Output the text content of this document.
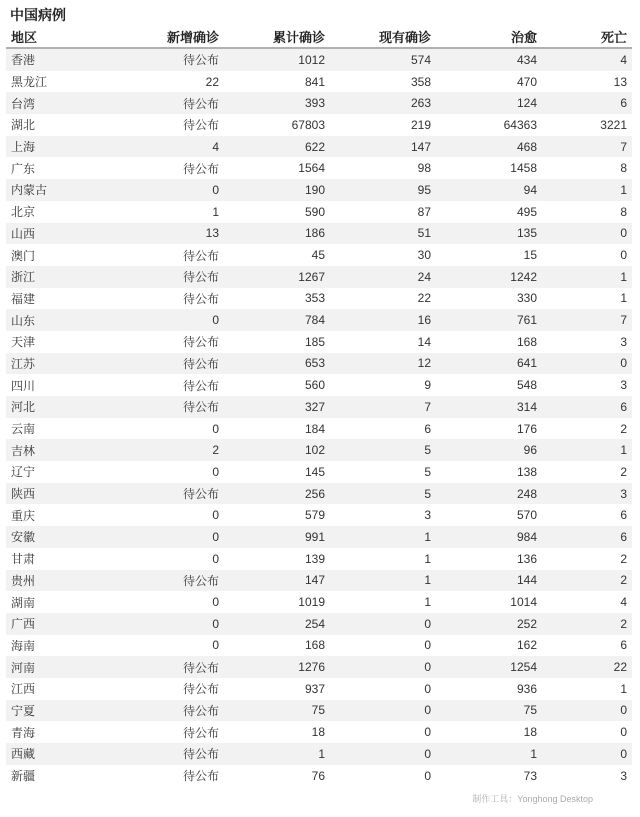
中国病例
地区	新增确诊	累计确诊	现有确诊	治愈	死亡
香港	待公布	1012	574	434	4
黑龙江	22	841	358	470	13
台湾	待公布	393	263	124	6
湖北	待公布	67803	219	64363	3221
上海	4	622	147	468	7
广东	待公布	1564	98	1458	8
内蒙古	0	190	95	94	1
北京	1	590	87	495	8
山西	13	186	51	135	0
澳门	待公布	45	30	15	0
浙江	待公布	1267	24	1242	1
福建	待公布	353	22	330	1
山东	0	784	16	761	7
天津	待公布	185	14	168	3
江苏	待公布	653	12	641	0
四川	待公布	560	9	548	3
河北	待公布	327	7	314	6
云南	0	184	6	176	2
吉林	2	102	5	96	1
辽宁	0	145	5	138	2
陕西	待公布	256	5	248	3
重庆	0	579	3	570	6
安徽	0	991	1	984	6
甘肃	0	139	1	136	2
贵州	待公布	147	1	144	2
湖南	0	1019	1	1014	4
广西	0	254	0	252	2
海南	0	168	0	162	6
河南	待公布	1276	0	1254	22
江西	待公布	937	0	936	1
宁夏	待公布	75	0	75	0
青海	待公布	18	0	18	0
西藏	待公布	1	0	1	0
新疆	待公布	76	0	73	3
制作工具：Yonghong Desktop
